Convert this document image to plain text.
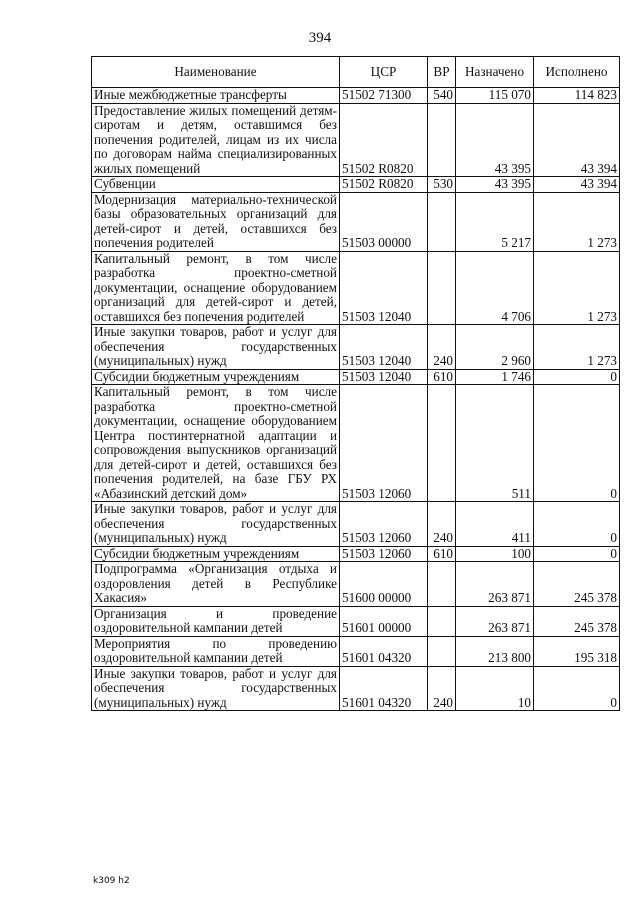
394
Наименование	ЦСР	ВР	Назначено	Исполнено
Иные межбюджетные трансферты	51502 71300	540	115 070	114 823
Предоставление жилых помещений детям-сиротам и детям, оставшимся без попечения родителей, лицам из их числа по договорам найма специализированных жилых помещений	51502 R0820		43 395	43 394
Субвенции	51502 R0820	530	43 395	43 394
Модернизация материально-технической базы образовательных организаций для детей-сирот и детей, оставшихся без попечения родителей	51503 00000		5 217	1 273
Капитальный ремонт, в том числе разработка проектно-сметной документации, оснащение оборудованием организаций для детей-сирот и детей, оставшихся без попечения родителей	51503 12040		4 706	1 273
Иные закупки товаров, работ и услуг для обеспечения государственных (муниципальных) нужд	51503 12040	240	2 960	1 273
Субсидии бюджетным учреждениям	51503 12040	610	1 746	0
Капитальный ремонт, в том числе разработка проектно-сметной документации, оснащение оборудованием Центра постинтернатной адаптации и сопровождения выпускников организаций для детей-сирот и детей, оставшихся без попечения родителей, на базе ГБУ РХ «Абазинский детский дом»	51503 12060		511	0
Иные закупки товаров, работ и услуг для обеспечения государственных (муниципальных) нужд	51503 12060	240	411	0
Субсидии бюджетным учреждениям	51503 12060	610	100	0
Подпрограмма «Организация отдыха и оздоровления детей в Республике Хакасия»	51600 00000		263 871	245 378
Организация и проведение оздоровительной кампании детей	51601 00000		263 871	245 378
Мероприятия по проведению оздоровительной кампании детей	51601 04320		213 800	195 318
Иные закупки товаров, работ и услуг для обеспечения государственных (муниципальных) нужд	51601 04320	240	10	0
k309 h2
